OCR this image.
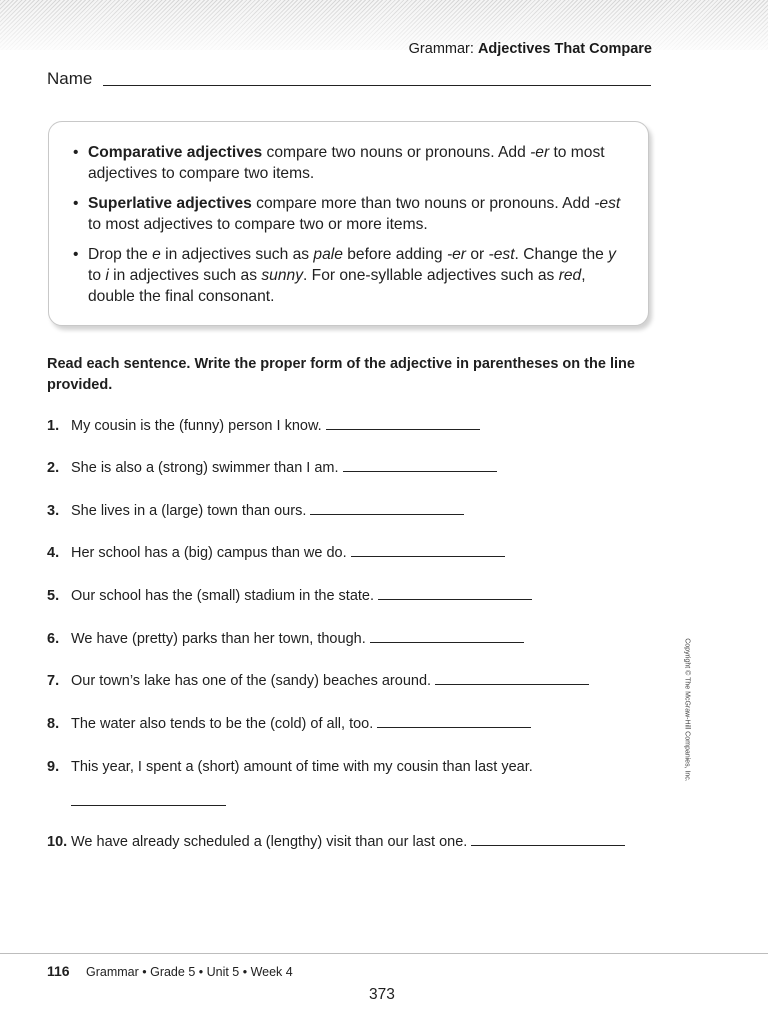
Grammar: Adjectives That Compare
Name
• Comparative adjectives compare two nouns or pronouns. Add -er to most adjectives to compare two items.
• Superlative adjectives compare more than two nouns or pronouns. Add -est to most adjectives to compare two or more items.
• Drop the e in adjectives such as pale before adding -er or -est. Change the y to i in adjectives such as sunny. For one-syllable adjectives such as red, double the final consonant.
Read each sentence. Write the proper form of the adjective in parentheses on the line provided.
1. My cousin is the (funny) person I know.
2. She is also a (strong) swimmer than I am.
3. She lives in a (large) town than ours.
4. Her school has a (big) campus than we do.
5. Our school has the (small) stadium in the state.
6. We have (pretty) parks than her town, though.
7. Our town’s lake has one of the (sandy) beaches around.
8. The water also tends to be the (cold) of all, too.
9. This year, I spent a (short) amount of time with my cousin than last year.
10. We have already scheduled a (lengthy) visit than our last one.
Copyright © The McGraw-Hill Companies, Inc.
116 Grammar • Grade 5 • Unit 5 • Week 4
373
